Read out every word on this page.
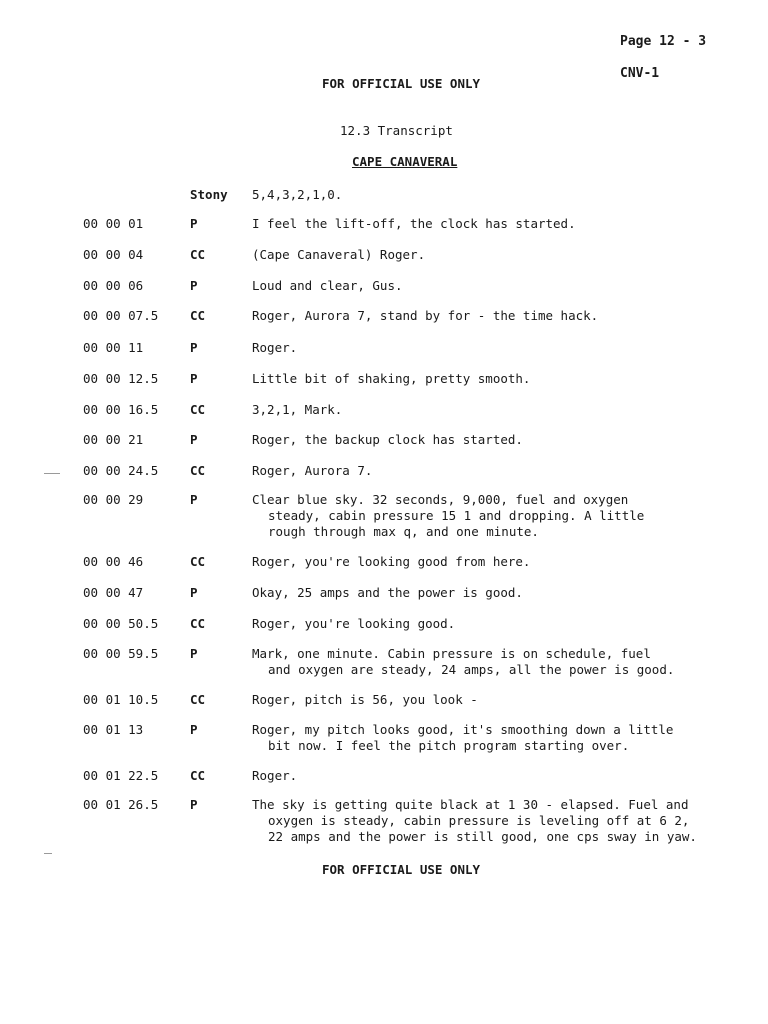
Page 12 - 3
CNV-1
FOR OFFICIAL USE ONLY
12.3 Transcript
CAPE CANAVERAL
Stony 5,4,3,2,1,0.
00 00 01	P	I feel the lift-off, the clock has started.
00 00 04	CC	(Cape Canaveral) Roger.
00 00 06	P	Loud and clear, Gus.
00 00 07.5	CC	Roger, Aurora 7, stand by for - the time hack.
00 00 11	P	Roger.
00 00 12.5	P	Little bit of shaking, pretty smooth.
00 00 16.5	CC	3,2,1, Mark.
00 00 21	P	Roger, the backup clock has started.
00 00 24.5	CC	Roger, Aurora 7.
00 00 29	P	Clear blue sky. 32 seconds, 9,000, fuel and oxygen
steady, cabin pressure 15 1 and dropping. A little
rough through max q, and one minute.
00 00 46	CC	Roger, you're looking good from here.
00 00 47	P	Okay, 25 amps and the power is good.
00 00 50.5	CC	Roger, you're looking good.
00 00 59.5	P	Mark, one minute. Cabin pressure is on schedule, fuel
and oxygen are steady, 24 amps, all the power is good.
00 01 10.5	CC	Roger, pitch is 56, you look -
00 01 13	P	Roger, my pitch looks good, it's smoothing down a little
bit now. I feel the pitch program starting over.
00 01 22.5	CC	Roger.
00 01 26.5	P	The sky is getting quite black at 1 30 - elapsed. Fuel and
oxygen is steady, cabin pressure is leveling off at 6 2,
22 amps and the power is still good, one cps sway in yaw.
FOR OFFICIAL USE ONLY
